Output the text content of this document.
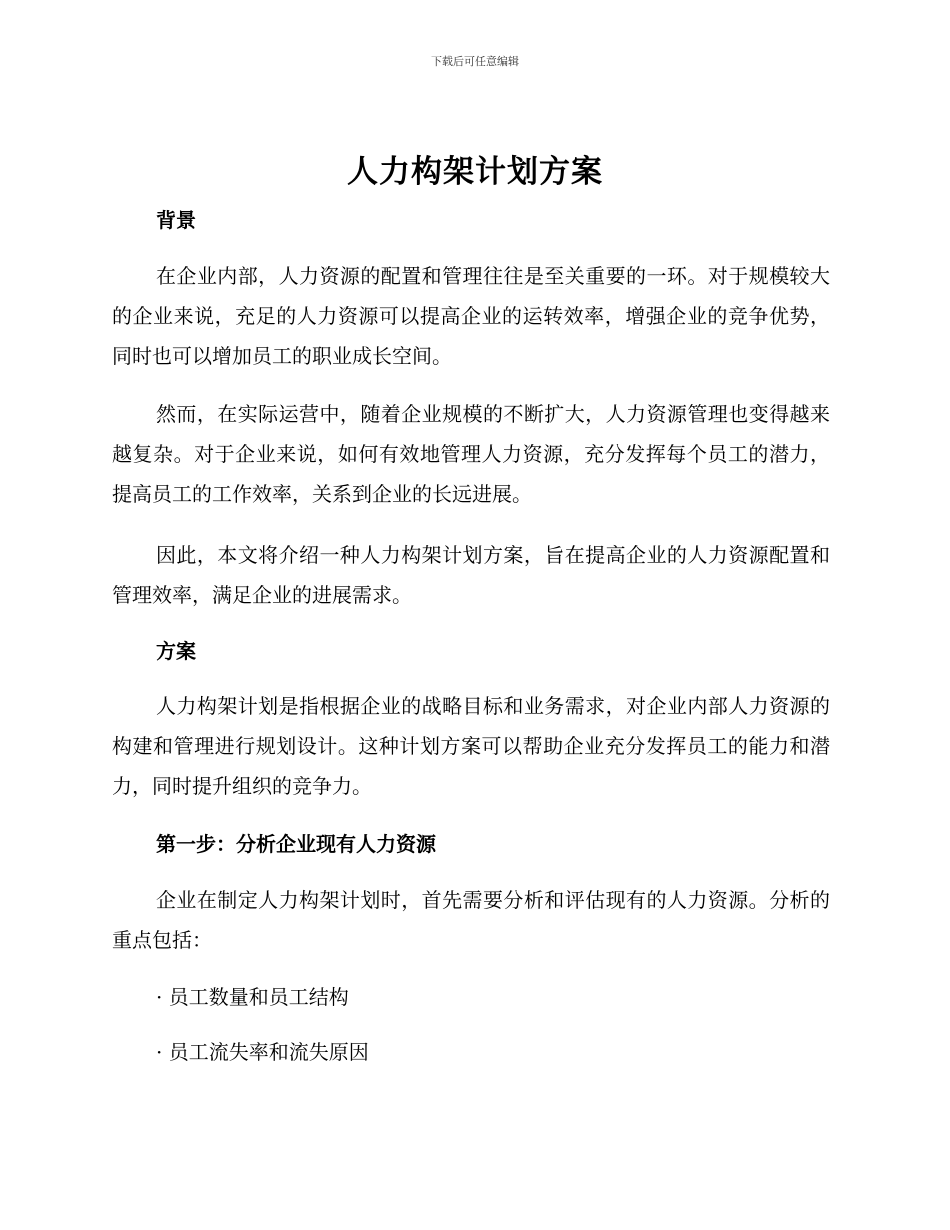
下载后可任意编辑
人力构架计划方案
背景

在企业内部，人力资源的配置和管理往往是至关重要的一环。对于规模较大的企业来说，充足的人力资源可以提高企业的运转效率，增强企业的竞争优势，同时也可以增加员工的职业成长空间。

然而，在实际运营中，随着企业规模的不断扩大，人力资源管理也变得越来越复杂。对于企业来说，如何有效地管理人力资源，充分发挥每个员工的潜力，提高员工的工作效率，关系到企业的长远进展。

因此，本文将介绍一种人力构架计划方案，旨在提高企业的人力资源配置和管理效率，满足企业的进展需求。

方案

人力构架计划是指根据企业的战略目标和业务需求，对企业内部人力资源的构建和管理进行规划设计。这种计划方案可以帮助企业充分发挥员工的能力和潜力，同时提升组织的竞争力。

第一步：分析企业现有人力资源

企业在制定人力构架计划时，首先需要分析和评估现有的人力资源。分析的重点包括：

· 员工数量和员工结构

· 员工流失率和流失原因
